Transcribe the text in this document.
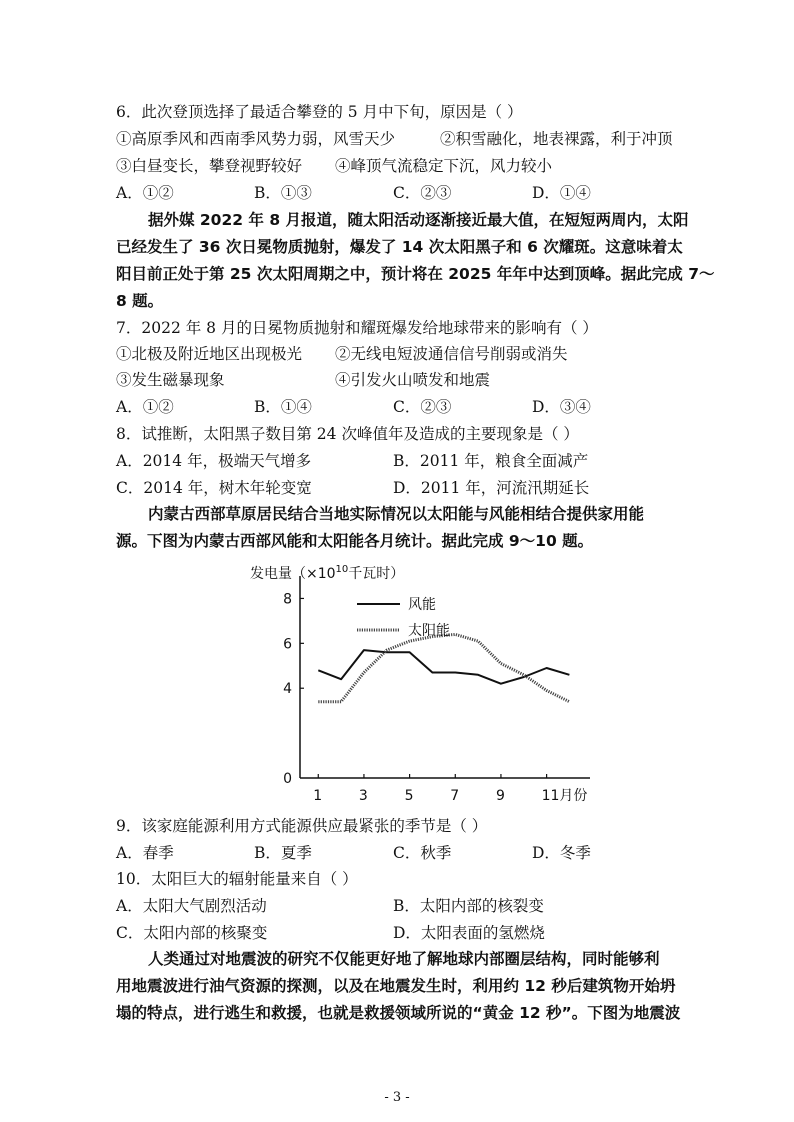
6．此次登顶选择了最适合攀登的 5 月中下旬，原因是（ ）
①高原季风和西南季风势力弱，风雪天少	②积雪融化，地表裸露，利于冲顶
③白昼变长，攀登视野较好 ④峰顶气流稳定下沉，风力较小
A．①②	B．①③	C．②③	D．①④
据外媒 2022 年 8 月报道，随太阳活动逐渐接近最大值，在短短两周内，太阳
已经发生了 36 次日冕物质抛射，爆发了 14 次太阳黑子和 6 次耀斑。这意味着太
阳目前正处于第 25 次太阳周期之中，预计将在 2025 年年中达到顶峰。据此完成 7～
8 题。
7．2022 年 8 月的日冕物质抛射和耀斑爆发给地球带来的影响有（ ）
①北极及附近地区出现极光 ②无线电短波通信信号削弱或消失
③发生磁暴现象	④引发火山喷发和地震
A．①②	B．①④	C．②③	D．③④
8．试推断，太阳黑子数目第 24 次峰值年及造成的主要现象是（ ）
A．2014 年，极端天气增多	B．2011 年，粮食全面减产
C．2014 年，树木年轮变宽	D．2011 年，河流汛期延长
内蒙古西部草原居民结合当地实际情况以太阳能与风能相结合提供家用能
源。下图为内蒙古西部风能和太阳能各月统计。据此完成 9～10 题。
发电量（$\times 10^{10}$千瓦时）
0
4
6
8
1	3	5	7	9	11月份
风能
太阳能
9．该家庭能源利用方式能源供应最紧张的季节是（ ）
A．春季	B．夏季	C．秋季	D．冬季
10．太阳巨大的辐射能量来自（ ）
A．太阳大气剧烈活动	B．太阳内部的核裂变
C．太阳内部的核聚变	D．太阳表面的氢燃烧
人类通过对地震波的研究不仅能更好地了解地球内部圈层结构，同时能够利
用地震波进行油气资源的探测，以及在地震发生时，利用约 12 秒后建筑物开始坍
塌的特点，进行逃生和救援，也就是救援领域所说的“黄金 12 秒”。下图为地震波
- 3 -
